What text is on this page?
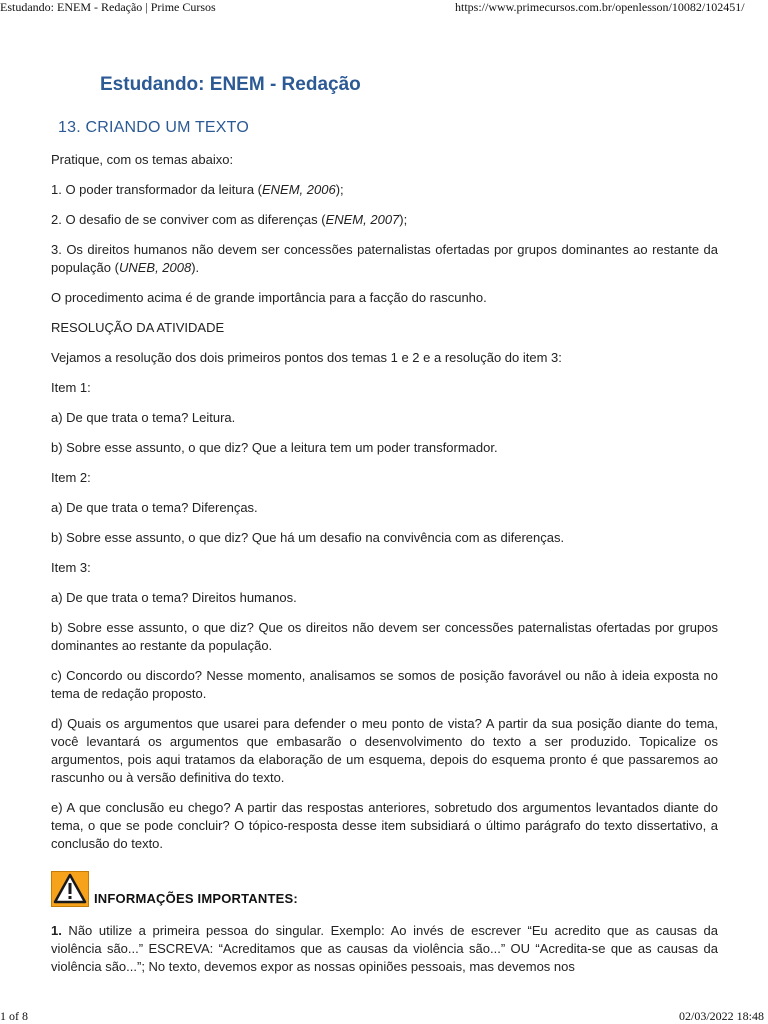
Estudando: ENEM - Redação | Prime Cursos	https://www.primecursos.com.br/openlesson/10082/102451/
Estudando: ENEM - Redação
13. CRIANDO UM TEXTO

Pratique, com os temas abaixo:

1. O poder transformador da leitura (ENEM, 2006);

2. O desafio de se conviver com as diferenças (ENEM, 2007);

3. Os direitos humanos não devem ser concessões paternalistas ofertadas por grupos dominantes ao restante da população (UNEB, 2008).

O procedimento acima é de grande importância para a facção do rascunho.

RESOLUÇÃO DA ATIVIDADE

Vejamos a resolução dos dois primeiros pontos dos temas 1 e 2 e a resolução do item 3:

Item 1:

a) De que trata o tema? Leitura.

b) Sobre esse assunto, o que diz? Que a leitura tem um poder transformador.

Item 2:

a) De que trata o tema? Diferenças.

b) Sobre esse assunto, o que diz? Que há um desafio na convivência com as diferenças.

Item 3:

a) De que trata o tema? Direitos humanos.

b) Sobre esse assunto, o que diz? Que os direitos não devem ser concessões paternalistas ofertadas por grupos dominantes ao restante da população.

c) Concordo ou discordo? Nesse momento, analisamos se somos de posição favorável ou não à ideia exposta no tema de redação proposto.

d) Quais os argumentos que usarei para defender o meu ponto de vista? A partir da sua posição diante do tema, você levantará os argumentos que embasarão o desenvolvimento do texto a ser produzido. Topicalize os argumentos, pois aqui tratamos da elaboração de um esquema, depois do esquema pronto é que passaremos ao rascunho ou à versão definitiva do texto.

e) A que conclusão eu chego? A partir das respostas anteriores, sobretudo dos argumentos levantados diante do tema, o que se pode concluir? O tópico-resposta desse item subsidiará o último parágrafo do texto dissertativo, a conclusão do texto.

INFORMAÇÕES IMPORTANTES:

1. Não utilize a primeira pessoa do singular. Exemplo: Ao invés de escrever “Eu acredito que as causas da violência são...” ESCREVA: “Acreditamos que as causas da violência são...” OU “Acredita-se que as causas da violência são...”; No texto, devemos expor as nossas opiniões pessoais, mas devemos nos

1 of 8	02/03/2022 18:48
